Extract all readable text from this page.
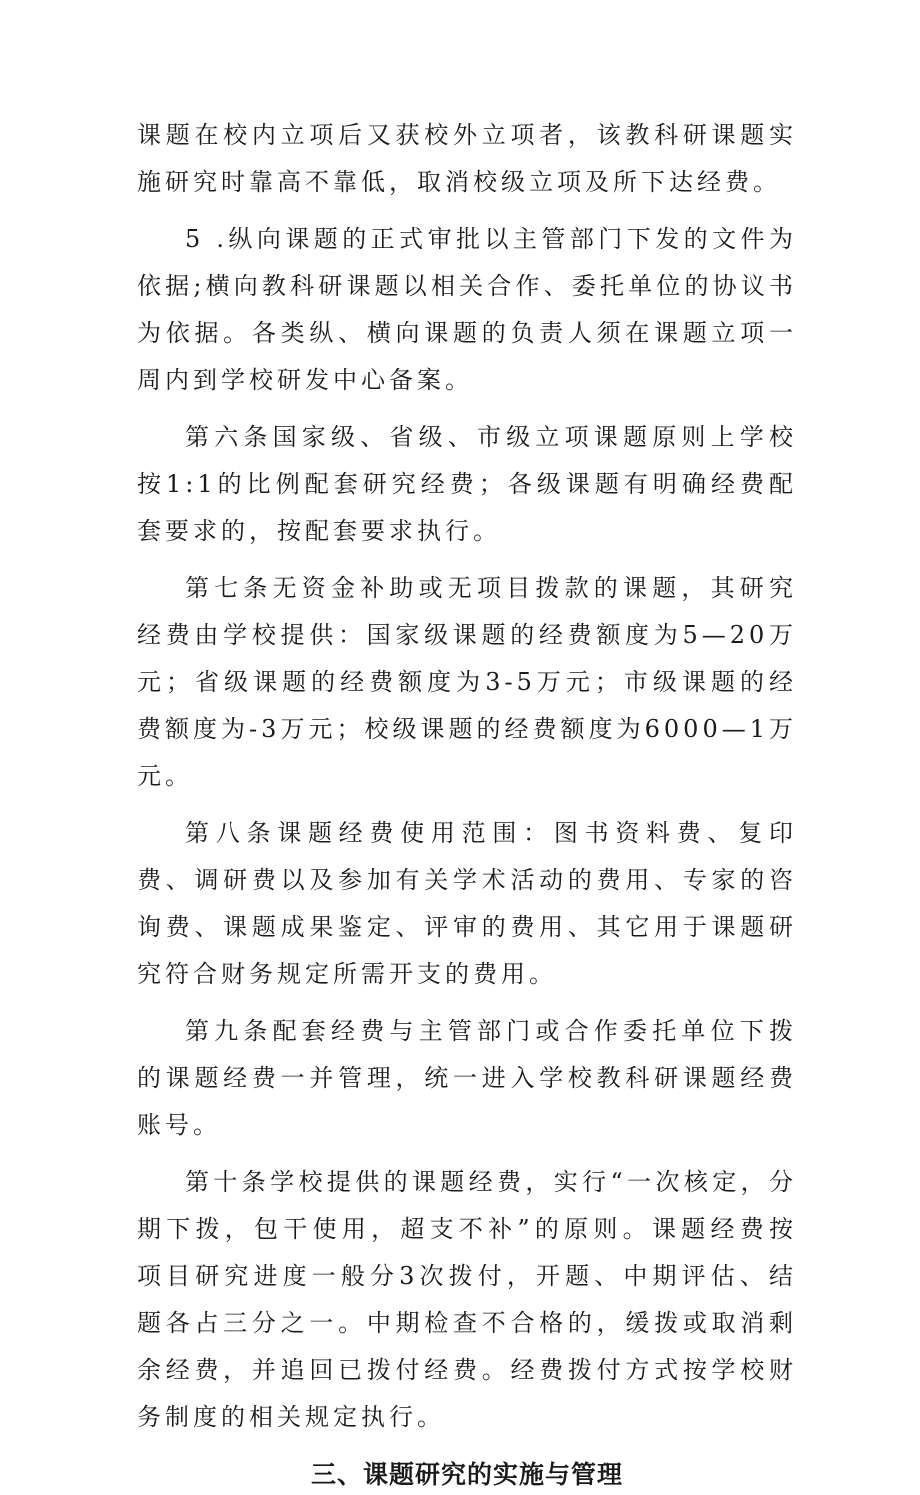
课题在校内立项后又获校外立项者，该教科研课题实施研究时靠高不靠低，取消校级立项及所下达经费。

5 .纵向课题的正式审批以主管部门下发的文件为依据;横向教科研课题以相关合作、委托单位的协议书为依据。各类纵、横向课题的负责人须在课题立项一周内到学校研发中心备案。

第六条国家级、省级、市级立项课题原则上学校按1:1的比例配套研究经费；各级课题有明确经费配套要求的，按配套要求执行。

第七条无资金补助或无项目拨款的课题，其研究经费由学校提供：国家级课题的经费额度为5—20万元；省级课题的经费额度为3-5万元；市级课题的经费额度为-3万元；校级课题的经费额度为6000—1万元。

第八条课题经费使用范围：图书资料费、复印费、调研费以及参加有关学术活动的费用、专家的咨询费、课题成果鉴定、评审的费用、其它用于课题研究符合财务规定所需开支的费用。

第九条配套经费与主管部门或合作委托单位下拨的课题经费一并管理，统一进入学校教科研课题经费账号。

第十条学校提供的课题经费，实行“一次核定，分期下拨，包干使用，超支不补”的原则。课题经费按项目研究进度一般分3次拨付，开题、中期评估、结题各占三分之一。中期检查不合格的，缓拨或取消剩余经费，并追回已拨付经费。经费拨付方式按学校财务制度的相关规定执行。

三、课题研究的实施与管理
